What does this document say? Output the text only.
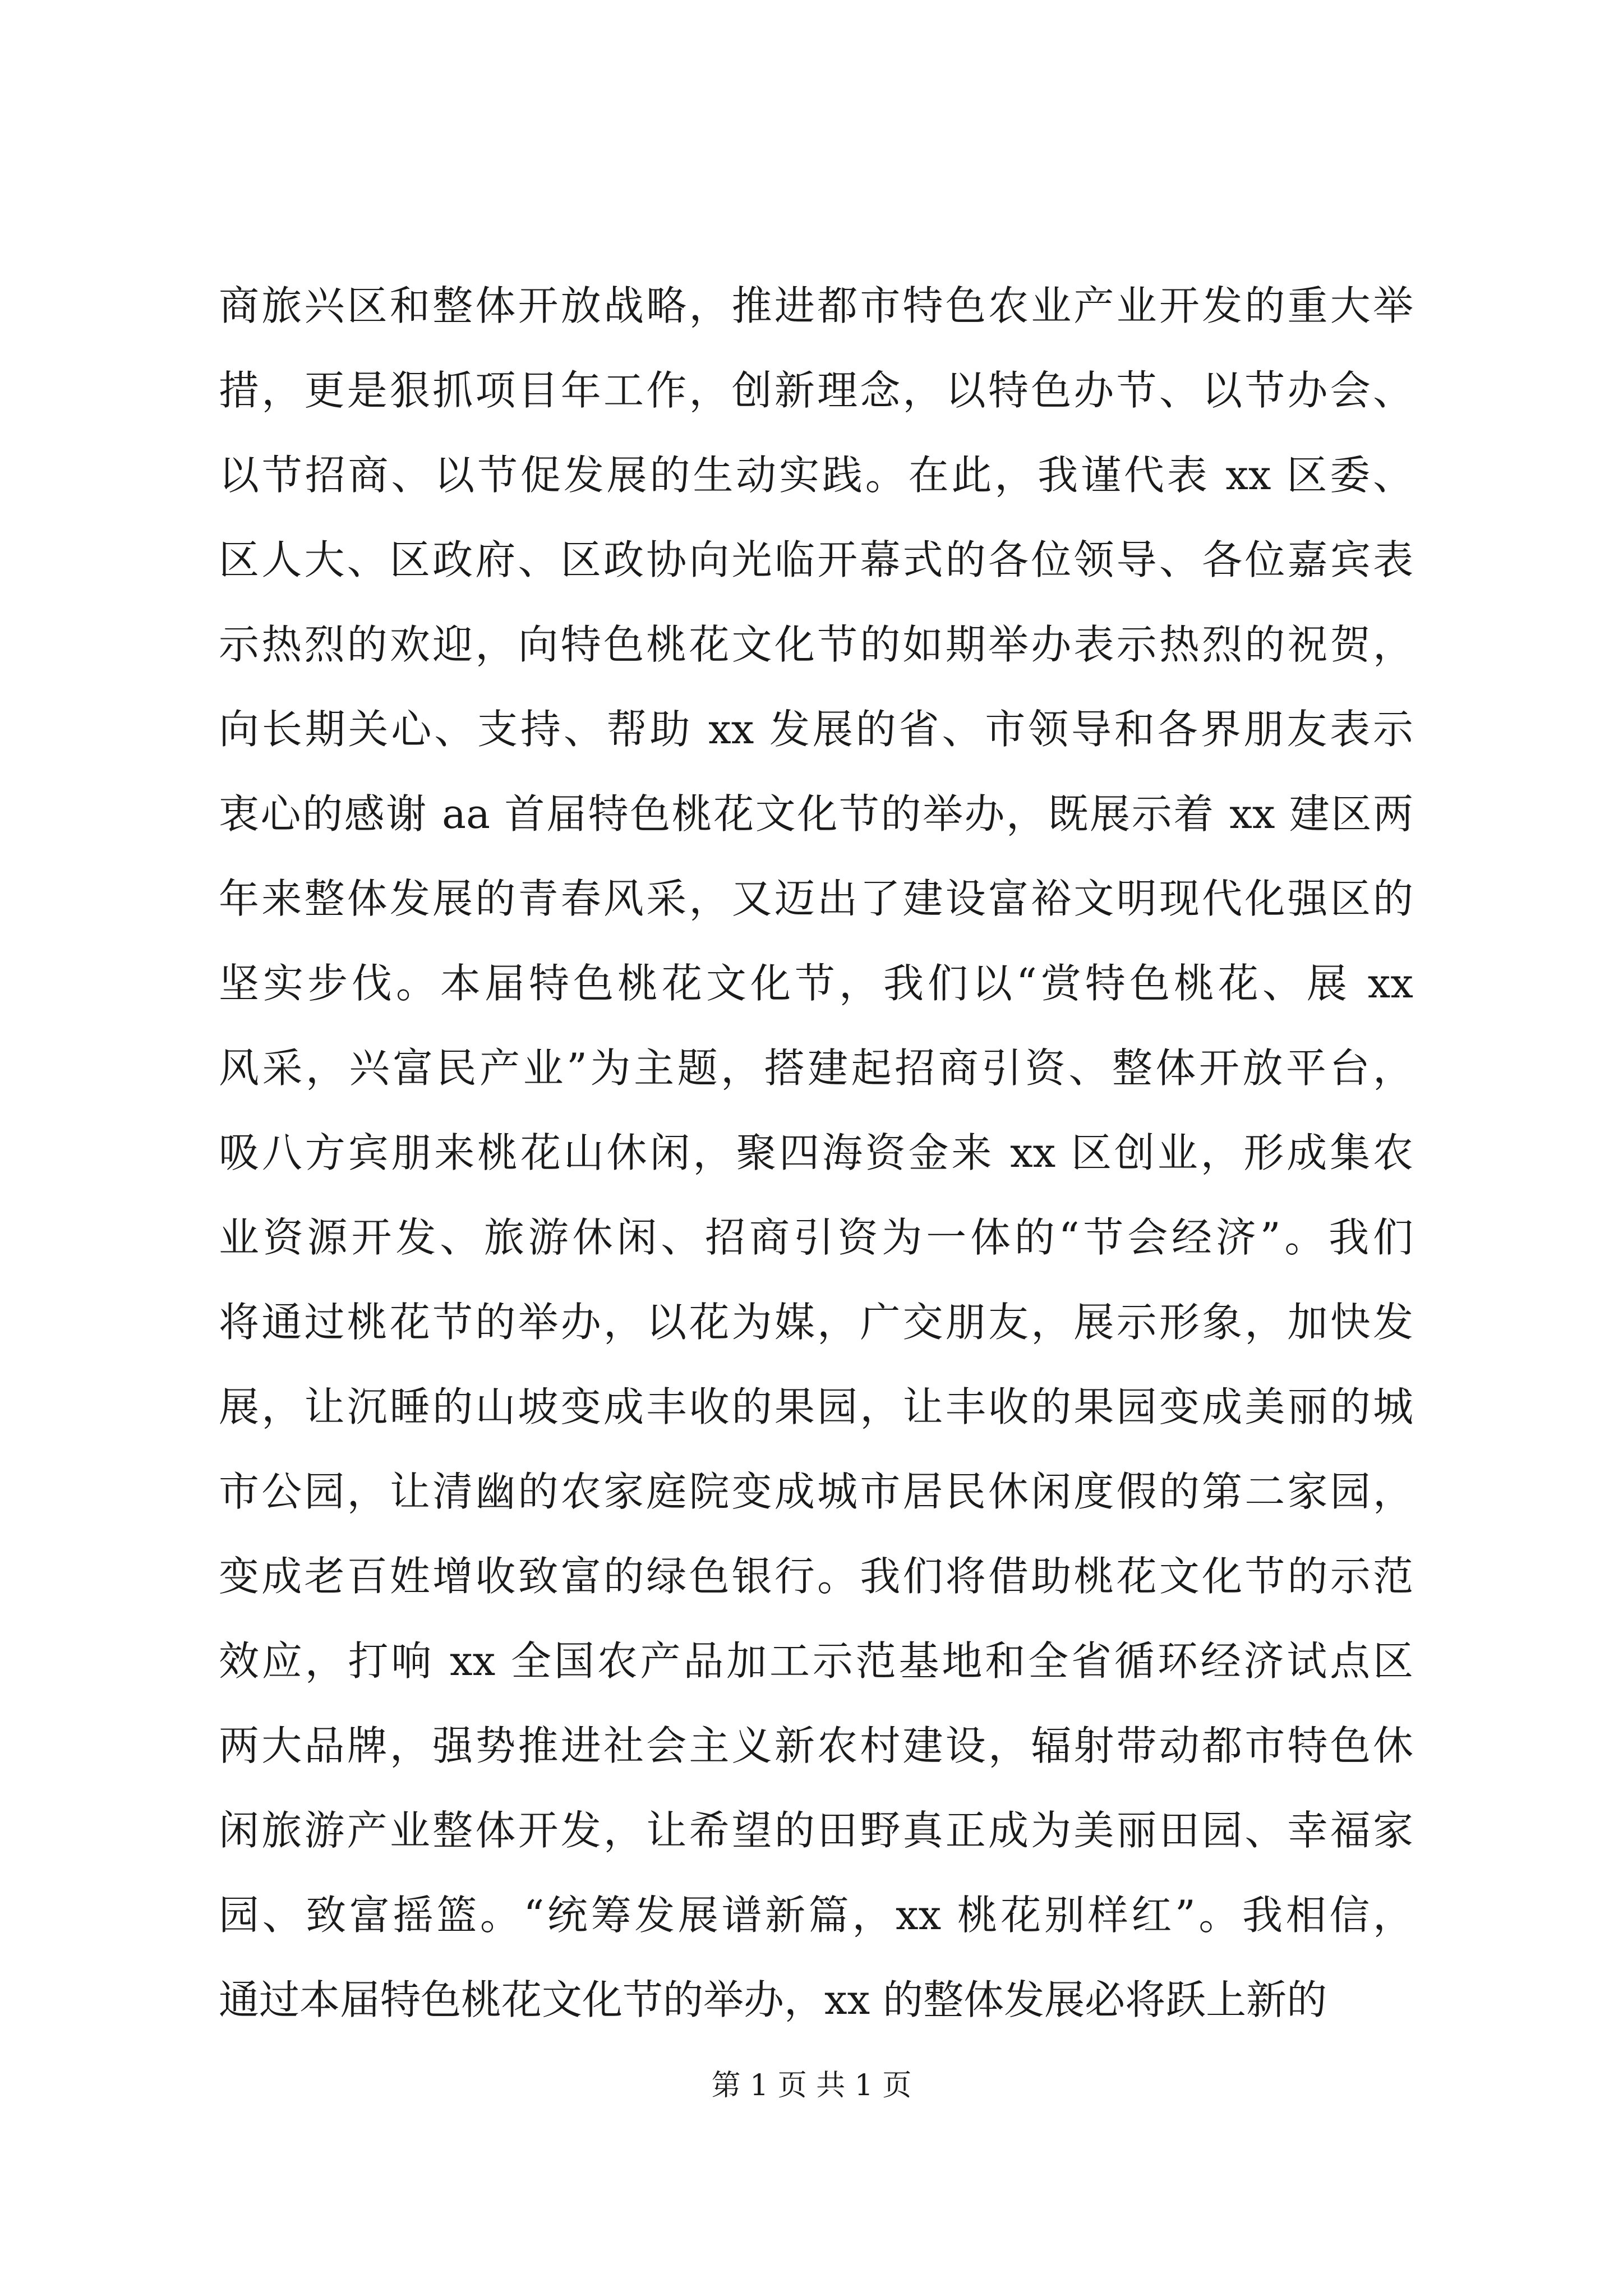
商旅兴区和整体开放战略，推进都市特色农业产业开发的重大举
措，更是狠抓项目年工作，创新理念，以特色办节、以节办会、
以节招商、以节促发展的生动实践。在此，我谨代表 xx 区委、
区人大、区政府、区政协向光临开幕式的各位领导、各位嘉宾表
示热烈的欢迎，向特色桃花文化节的如期举办表示热烈的祝贺，
向长期关心、支持、帮助 xx 发展的省、市领导和各界朋友表示
衷心的感谢 aa 首届特色桃花文化节的举办，既展示着 xx 建区两
年来整体发展的青春风采，又迈出了建设富裕文明现代化强区的
坚实步伐。本届特色桃花文化节，我们以“赏特色桃花、展 xx
风采，兴富民产业”为主题，搭建起招商引资、整体开放平台，
吸八方宾朋来桃花山休闲，聚四海资金来 xx 区创业，形成集农
业资源开发、旅游休闲、招商引资为一体的“节会经济”。我们
将通过桃花节的举办，以花为媒，广交朋友，展示形象，加快发
展，让沉睡的山坡变成丰收的果园，让丰收的果园变成美丽的城
市公园，让清幽的农家庭院变成城市居民休闲度假的第二家园，
变成老百姓增收致富的绿色银行。我们将借助桃花文化节的示范
效应，打响 xx 全国农产品加工示范基地和全省循环经济试点区
两大品牌，强势推进社会主义新农村建设，辐射带动都市特色休
闲旅游产业整体开发，让希望的田野真正成为美丽田园、幸福家
园、致富摇篮。“统筹发展谱新篇，xx 桃花别样红”。我相信，
通过本届特色桃花文化节的举办，xx 的整体发展必将跃上新的
第 1 页 共 1 页
